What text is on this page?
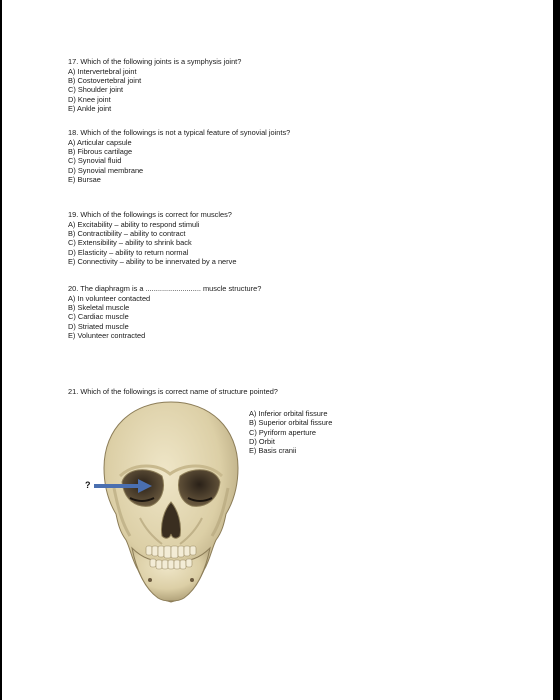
17. Which of the following joints is a symphysis joint?
A) Intervertebral joint
B) Costovertebral joint
C) Shoulder joint
D) Knee joint
E) Ankle joint
18. Which of the followings is not a typical feature of synovial joints?
A) Articular capsule
B) Fibrous cartilage
C) Synovial fluid
D) Synovial membrane
E) Bursae
19. Which of the followings is correct for muscles?
A) Excitability – ability to respond stimuli
B) Contractibility – ability to contract
C) Extensibility – ability to shrink back
D) Elasticity – ability to return normal
E) Connectivity – ability to be innervated by a nerve
20. The diaphragm is a ........................... muscle structure?
A) In volunteer contacted
B) Skeletal muscle
C) Cardiac muscle
D) Striated muscle
E) Volunteer contracted
21. Which of the followings is correct name of structure pointed?
A) Inferior orbital fissure
B) Superior orbital fissure
C) Pyriform aperture
D) Orbit
E) Basis cranii
?
